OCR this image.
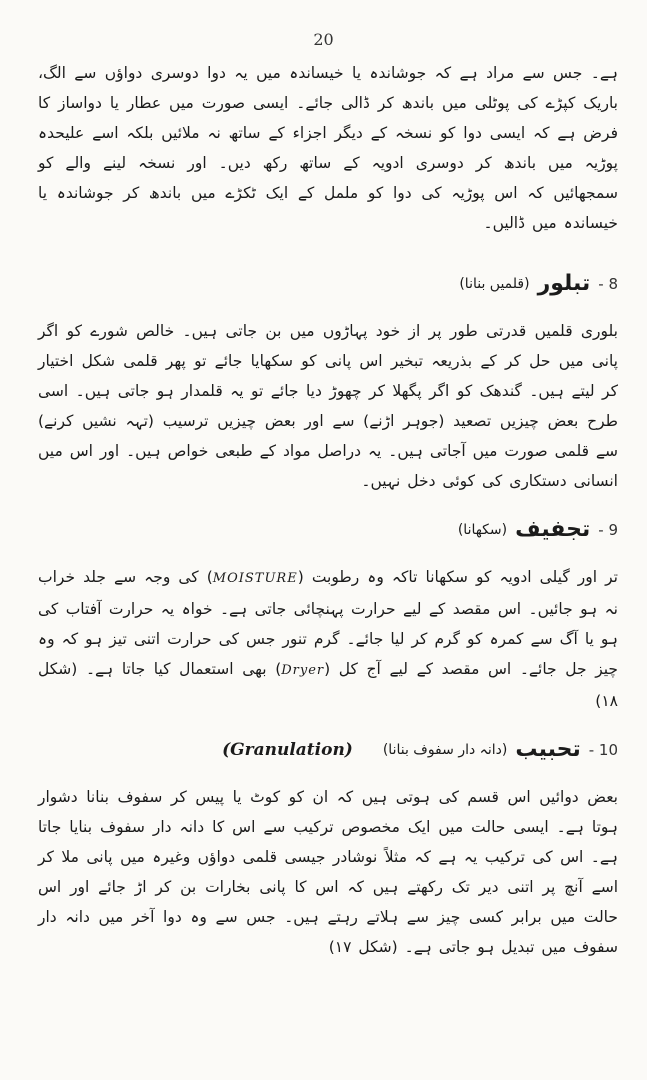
20

ہے۔ جس سے مراد ہے کہ جوشاندہ یا خیساندہ میں یہ دوا دوسری دواؤں سے الگ، باریک کپڑے کی پوٹلی میں باندھ کر ڈالی جائے۔ ایسی صورت میں عطار یا دواساز کا فرض ہے کہ ایسی دوا کو نسخہ کے دیگر اجزاء کے ساتھ نہ ملائیں بلکہ اسے علیحدہ پوڑیہ میں باندھ کر دوسری ادویہ کے ساتھ رکھ دیں۔ اور نسخہ لینے والے کو سمجھائیں کہ اس پوڑیہ کی دوا کو ململ کے ایک ٹکڑے میں باندھ کر جوشاندہ یا خیساندہ میں ڈالیں۔

8 -
تبلور
(قلمیں بنانا)

بلوری قلمیں قدرتی طور پر از خود پہاڑوں میں بن جاتی ہیں۔ خالص شورے کو اگر پانی میں حل کر کے بذریعہ تبخیر اس پانی کو سکھایا جائے تو پھر قلمی شکل اختیار کر لیتے ہیں۔ گندھک کو اگر پگھلا کر چھوڑ دیا جائے تو یہ قلمدار ہو جاتی ہیں۔ اسی طرح بعض چیزیں تصعید (جوہر اڑنے) سے اور بعض چیزیں ترسیب (تہہ نشیں کرنے) سے قلمی صورت میں آجاتی ہیں۔ یہ دراصل مواد کے طبعی خواص ہیں۔ اور اس میں انسانی دستکاری کی کوئی دخل نہیں۔

9 -
تجفیف
(سکھانا)

تر اور گیلی ادویہ کو سکھانا تاکہ وہ رطوبت (MOISTURE) کی وجہ سے جلد خراب نہ ہو جائیں۔ اس مقصد کے لیے حرارت پہنچائی جاتی ہے۔ خواہ یہ حرارت آفتاب کی ہو یا آگ سے کمرہ کو گرم کر لیا جائے۔ گرم تنور جس کی حرارت اتنی تیز ہو کہ وہ چیز جل جائے۔ اس مقصد کے لیے آج کل (Dryer) بھی استعمال کیا جاتا ہے۔ (شکل ۱۸)

10 -
تحبیب
(دانہ دار سفوف بنانا)
(Granulation)

بعض دوائیں اس قسم کی ہوتی ہیں کہ ان کو کوٹ یا پیس کر سفوف بنانا دشوار ہوتا ہے۔ ایسی حالت میں ایک مخصوص ترکیب سے اس کا دانہ دار سفوف بنایا جاتا ہے۔ اس کی ترکیب یہ ہے کہ مثلاً نوشادر جیسی قلمی دواؤں وغیرہ میں پانی ملا کر اسے آنچ پر اتنی دیر تک رکھتے ہیں کہ اس کا پانی بخارات بن کر اڑ جائے اور اس حالت میں برابر کسی چیز سے ہلاتے رہتے ہیں۔ جس سے وہ دوا آخر میں دانہ دار سفوف میں تبدیل ہو جاتی ہے۔ (شکل ۱۷)
